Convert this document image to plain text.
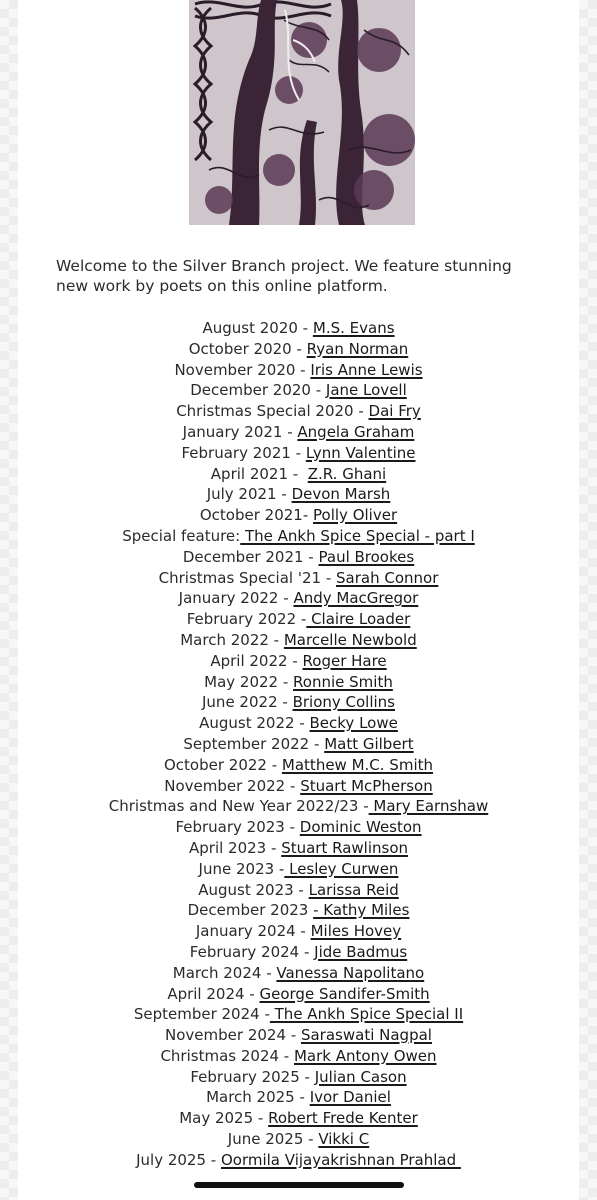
Welcome to the Silver Branch project. We feature stunning new work by poets on this online platform.

August 2020 - M.S. Evans
October 2020 - Ryan Norman
November 2020 - Iris Anne Lewis
December 2020 - Jane Lovell
Christmas Special 2020 - Dai Fry
January 2021 - Angela Graham
February 2021 - Lynn Valentine
April 2021 -  Z.R. Ghani
July 2021 - Devon Marsh
October 2021- Polly Oliver
Special feature: The Ankh Spice Special - part I
December 2021 - Paul Brookes
Christmas Special '21 - Sarah Connor
January 2022 - Andy MacGregor
February 2022 - Claire Loader
March 2022 - Marcelle Newbold
April 2022 - Roger Hare
May 2022 - Ronnie Smith
June 2022 - Briony Collins
August 2022 - Becky Lowe
September 2022 - Matt Gilbert
October 2022 - Matthew M.C. Smith
November 2022 - Stuart McPherson
Christmas and New Year 2022/23 - Mary Earnshaw
February 2023 - Dominic Weston
April 2023 - Stuart Rawlinson
June 2023 - Lesley Curwen
August 2023 - Larissa Reid
December 2023 - Kathy Miles
January 2024 - Miles Hovey
February 2024 - Jide Badmus
March 2024 - Vanessa Napolitano
April 2024 - George Sandifer-Smith
September 2024 - The Ankh Spice Special II
November 2024 - Saraswati Nagpal
Christmas 2024 - Mark Antony Owen
February 2025 - Julian Cason
March 2025 - Ivor Daniel
May 2025 - Robert Frede Kenter
June 2025 - Vikki C
July 2025 - Oormila Vijayakrishnan Prahlad
